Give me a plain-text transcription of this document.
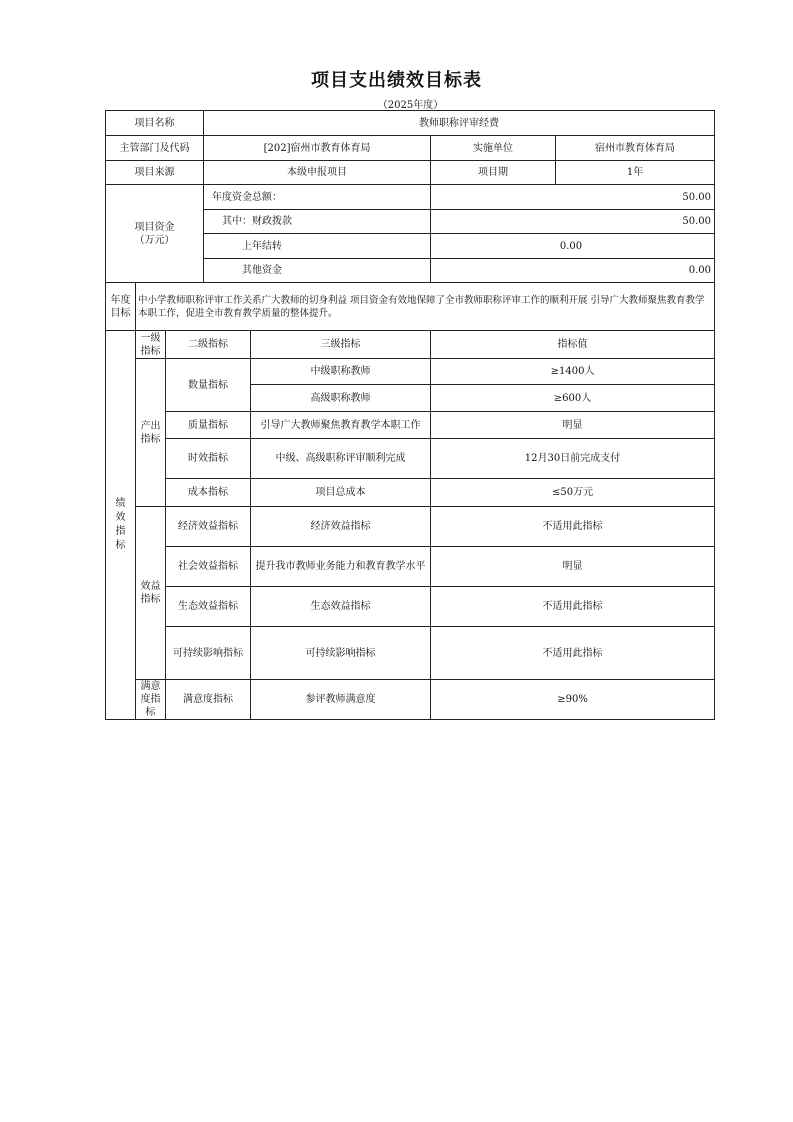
项目支出绩效目标表
（2025年度）
项目名称			教师职称评审经费			
主管部门及代码			[202]宿州市教育体育局		实施单位	宿州市教育体育局
项目来源			本级申报项目		项目期	1年
项目资金
（万元）			年度资金总额：		50.00	
			其中：财政拨款		50.00	
			上年结转		0.00	
			其他资金		0.00	
年度
目标	中小学教师职称评审工作关系广大教师的切身利益 项目资金有效地保障了全市教师职称评审工作的顺利开展 引导广大教师聚焦教育教学本职工作，促进全市教育教学质量的整体提升。					

绩效指标	一级指标	二级指标		三级指标	指标值	

	产出指标	数量指标		中级职称教师	≥1400人	
				高级职称教师	≥600人	
		质量指标		引导广大教师聚焦教育教学本职工作	明显	
		时效指标		中级、高级职称评审顺利完成	12月30日前完成支付	
		成本指标		项目总成本	≤50万元	

	效益指标	经济效益指标		经济效益指标	不适用此指标	
		社会效益指标		提升我市教师业务能力和教育教学水平	明显	
		生态效益指标		生态效益指标	不适用此指标	
		可持续影响指标		可持续影响指标	不适用此指标	

	满意度指标	满意度指标		参评教师满意度	≥90%	
